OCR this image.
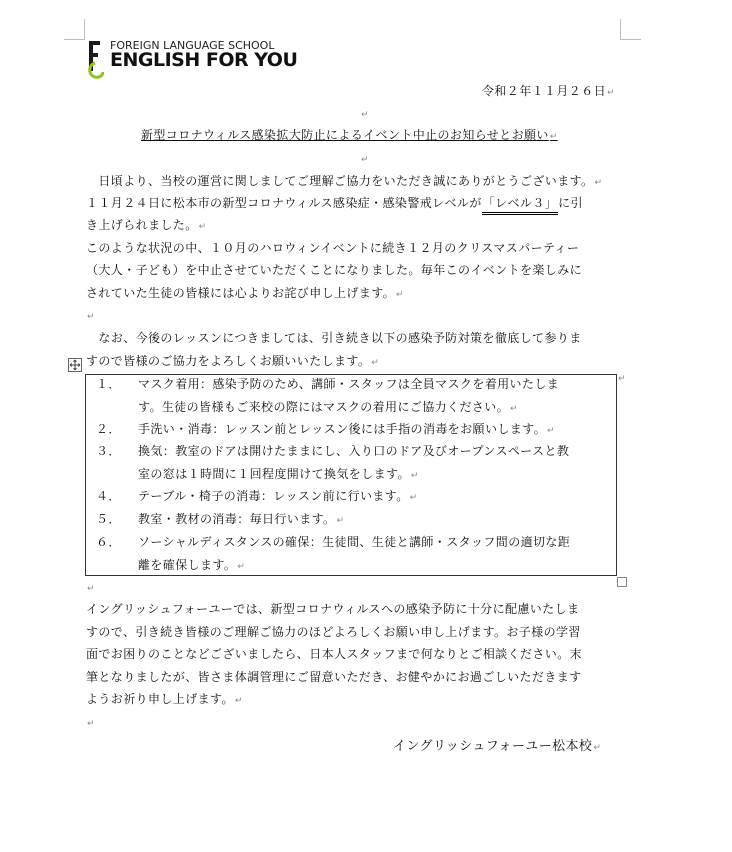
FOREIGN LANGUAGE SCHOOL
ENGLISH FOR YOU
令和２年１１月２６日↵
↵
新型コロナウィルス感染拡大防止によるイベント中止のお知らせとお願い↵
↵
　日頃より、当校の運営に関しましてご理解ご協力をいただき誠にありがとうございます。↵
１１月２４日に松本市の新型コロナウィルス感染症・感染警戒レベルが「レベル３」に引
き上げられました。↵
このような状況の中、１０月のハロウィンイベントに続き１２月のクリスマスパーティー
（大人・子ども）を中止させていただくことになりました。毎年このイベントを楽しみに
されていた生徒の皆様には心よりお詫び申し上げます。↵
↵
　なお、今後のレッスンにつきましては、引き続き以下の感染予防対策を徹底して参りま
すので皆様のご協力をよろしくお願いいたします。↵
↵
１． マスク着用：感染予防のため、講師・スタッフは全員マスクを着用いたしま
す。生徒の皆様もご来校の際にはマスクの着用にご協力ください。↵
２． 手洗い・消毒：レッスン前とレッスン後には手指の消毒をお願いします。↵
３． 換気：教室のドアは開けたままにし、入り口のドア及びオープンスペースと教
室の窓は１時間に１回程度開けて換気をします。↵
４． テーブル・椅子の消毒：レッスン前に行います。↵
５． 教室・教材の消毒：毎日行います。↵
６． ソーシャルディスタンスの確保：生徒間、生徒と講師・スタッフ間の適切な距
離を確保します。↵
↵
イングリッシュフォーユーでは、新型コロナウィルスへの感染予防に十分に配慮いたしま
すので、引き続き皆様のご理解ご協力のほどよろしくお願い申し上げます。お子様の学習
面でお困りのことなどございましたら、日本人スタッフまで何なりとご相談ください。末
筆となりましたが、皆さま体調管理にご留意いただき、お健やかにお過ごしいただきます
ようお祈り申し上げます。↵
↵
イングリッシュフォーユー松本校↵
